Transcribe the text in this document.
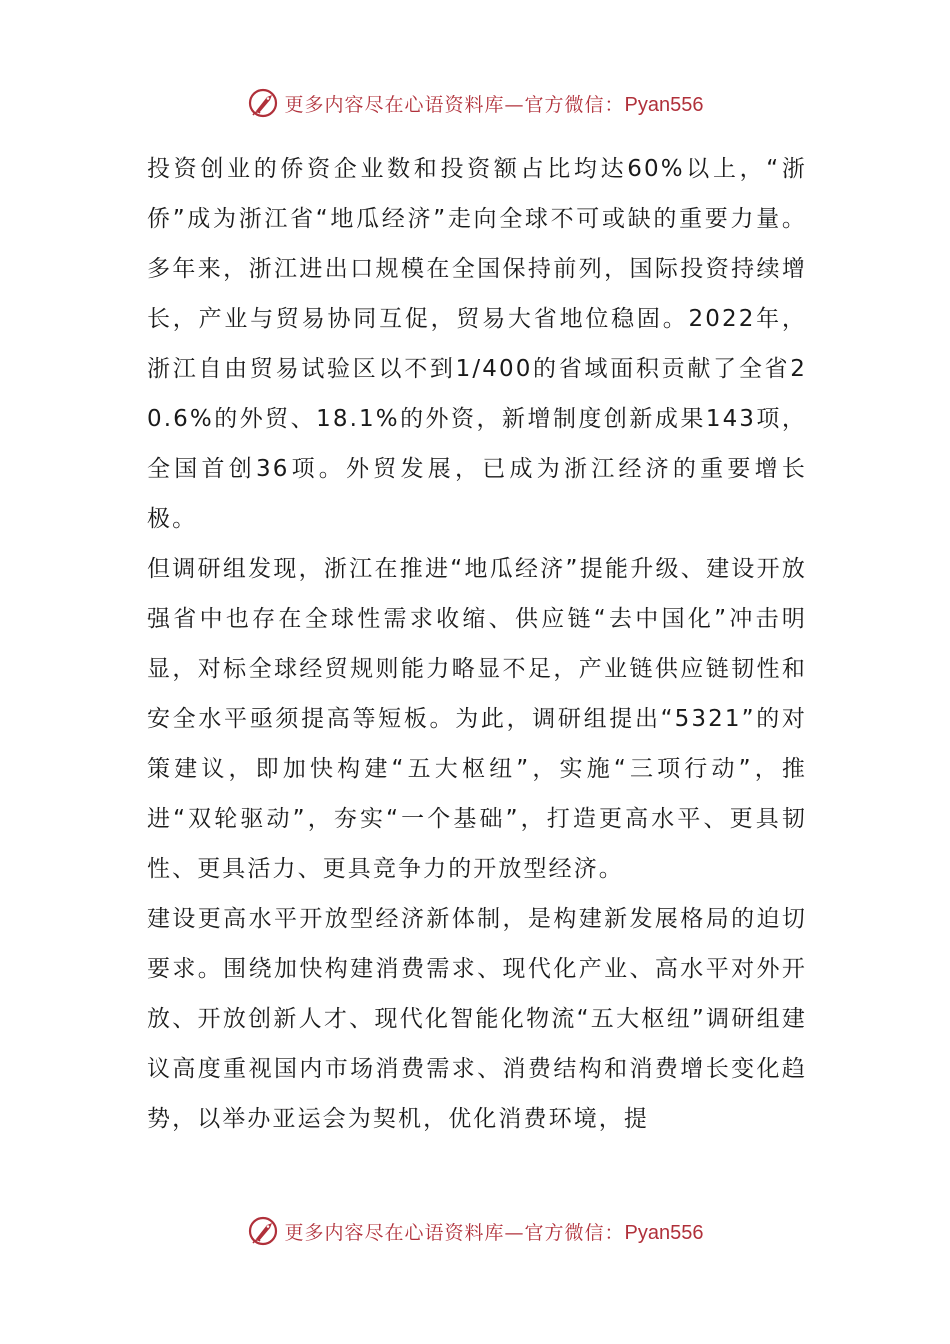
更多内容尽在心语资料库—官方微信：Pyan556

投资创业的侨资企业数和投资额占比均达60%以上，“浙侨”成为浙江省“地瓜经济”走向全球不可或缺的重要力量。多年来，浙江进出口规模在全国保持前列，国际投资持续增长，产业与贸易协同互促，贸易大省地位稳固。2022年，浙江自由贸易试验区以不到1/400的省域面积贡献了全省20.6%的外贸、18.1%的外资，新增制度创新成果143项，全国首创36项。外贸发展，已成为浙江经济的重要增长极。

但调研组发现，浙江在推进“地瓜经济”提能升级、建设开放强省中也存在全球性需求收缩、供应链“去中国化”冲击明显，对标全球经贸规则能力略显不足，产业链供应链韧性和安全水平亟须提高等短板。为此，调研组提出“5321”的对策建议，即加快构建“五大枢纽”，实施“三项行动”，推进“双轮驱动”，夯实“一个基础”，打造更高水平、更具韧性、更具活力、更具竞争力的开放型经济。

建设更高水平开放型经济新体制，是构建新发展格局的迫切要求。围绕加快构建消费需求、现代化产业、高水平对外开放、开放创新人才、现代化智能化物流“五大枢纽”调研组建议高度重视国内市场消费需求、消费结构和消费增长变化趋势，以举办亚运会为契机，优化消费环境，提

更多内容尽在心语资料库—官方微信：Pyan556
